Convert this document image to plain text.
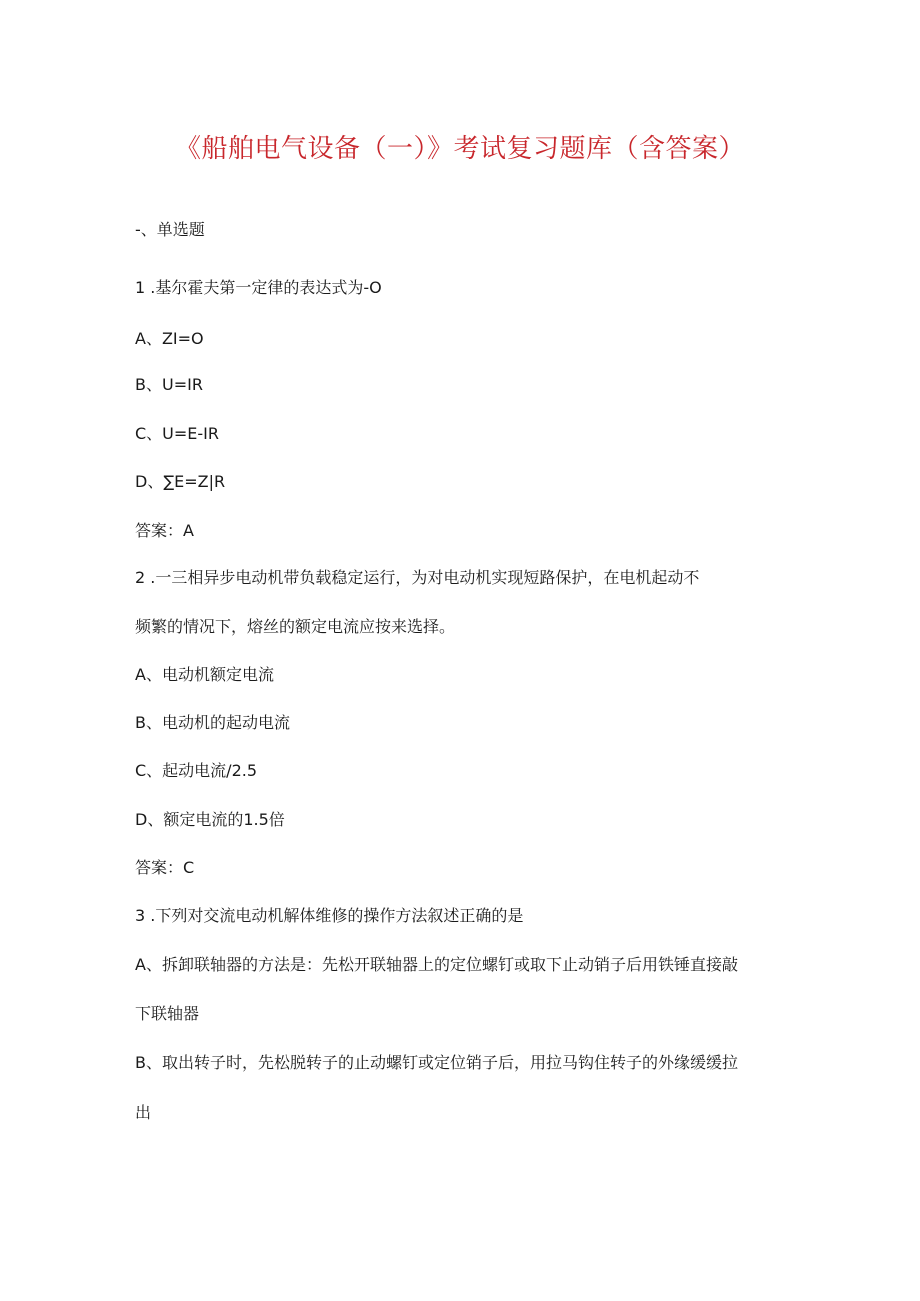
《船舶电气设备（一）》考试复习题库（含答案）
-、单选题
1 .基尔霍夫第一定律的表达式为-O
A、ZI=O
B、U=IR
C、U=E-IR
D、∑E=Z|R
答案：A
2 .一三相异步电动机带负载稳定运行，为对电动机实现短路保护，在电机起动不
频繁的情况下，熔丝的额定电流应按来选择。
A、电动机额定电流
B、电动机的起动电流
C、起动电流/2.5
D、额定电流的1.5倍
答案：C
3 .下列对交流电动机解体维修的操作方法叙述正确的是
A、拆卸联轴器的方法是：先松开联轴器上的定位螺钉或取下止动销子后用铁锤直接敲
下联轴器
B、取出转子时，先松脱转子的止动螺钉或定位销子后，用拉马钩住转子的外缘缓缓拉
出
